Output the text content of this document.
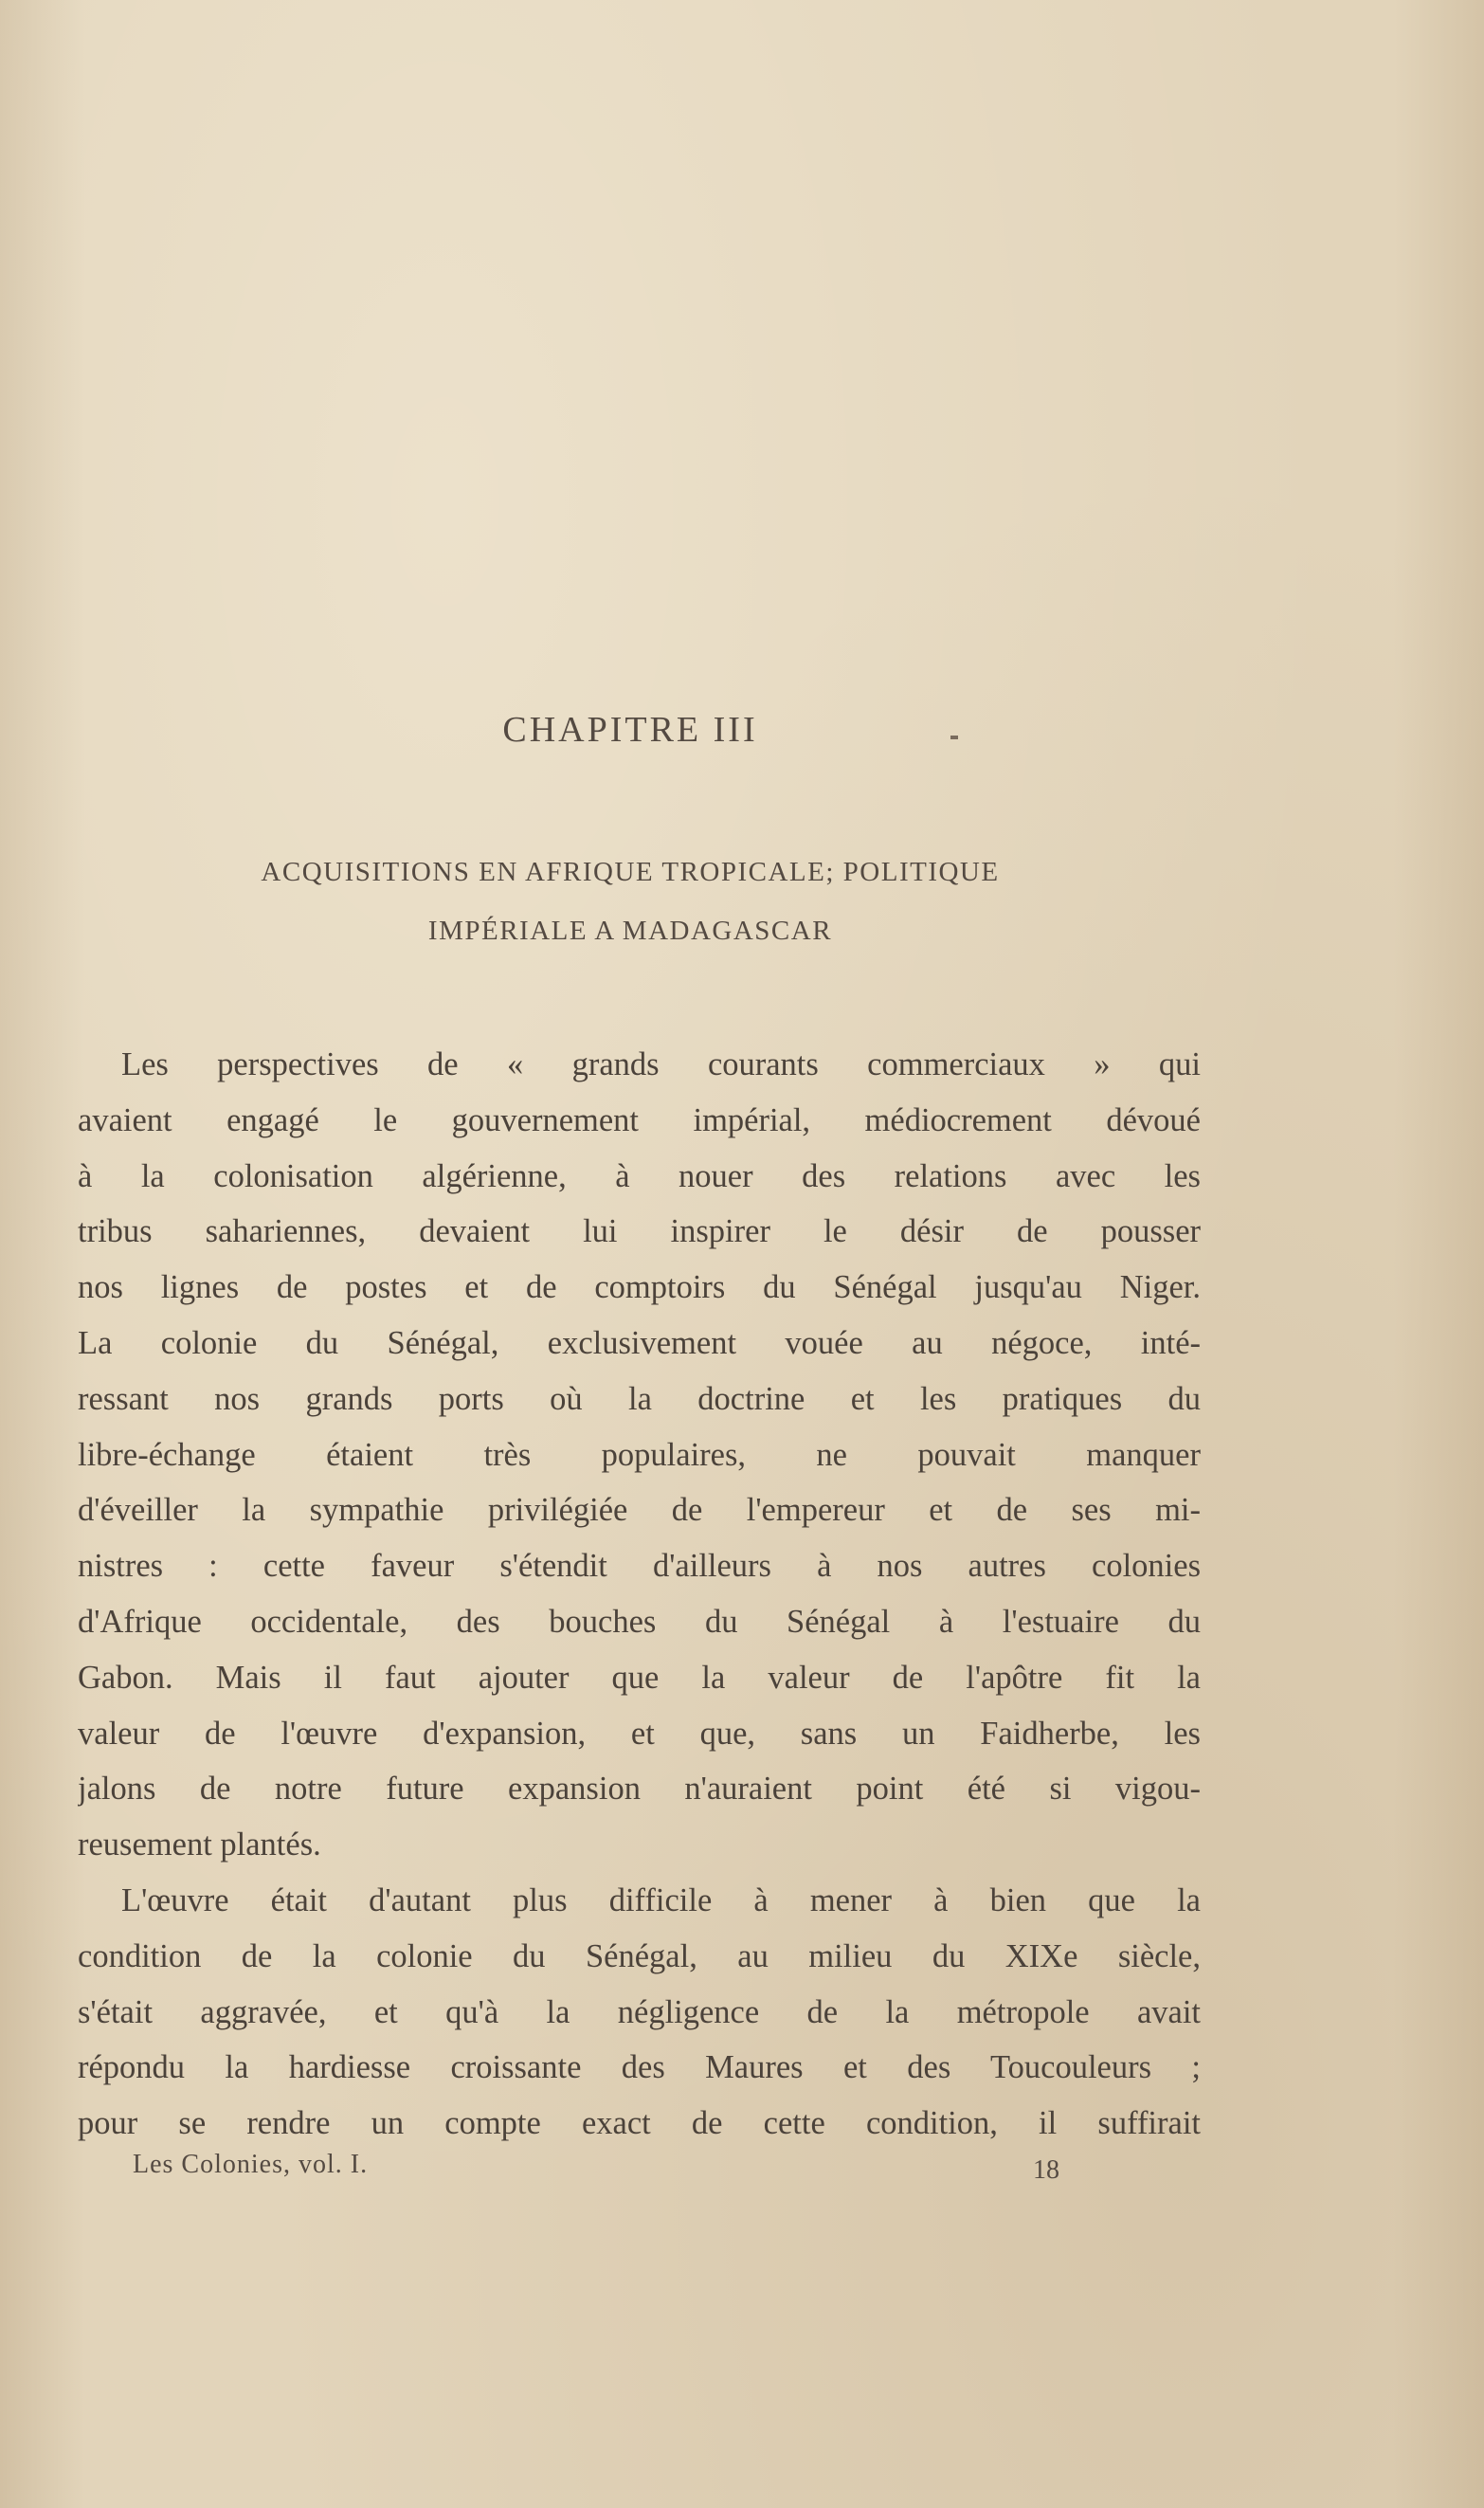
CHAPITRE III
ACQUISITIONS EN AFRIQUE TROPICALE; POLITIQUE
IMPÉRIALE A MADAGASCAR
Les perspectives de « grands courants commerciaux » qui
avaient engagé le gouvernement impérial, médiocrement dévoué
à la colonisation algérienne, à nouer des relations avec les
tribus sahariennes, devaient lui inspirer le désir de pousser
nos lignes de postes et de comptoirs du Sénégal jusqu'au Niger.
La colonie du Sénégal, exclusivement vouée au négoce, inté-
ressant nos grands ports où la doctrine et les pratiques du
libre-échange étaient très populaires, ne pouvait manquer
d'éveiller la sympathie privilégiée de l'empereur et de ses mi-
nistres : cette faveur s'étendit d'ailleurs à nos autres colonies
d'Afrique occidentale, des bouches du Sénégal à l'estuaire du
Gabon. Mais il faut ajouter que la valeur de l'apôtre fit la
valeur de l'œuvre d'expansion, et que, sans un Faidherbe, les
jalons de notre future expansion n'auraient point été si vigou-
reusement plantés.
L'œuvre était d'autant plus difficile à mener à bien que la
condition de la colonie du Sénégal, au milieu du XIXe siècle,
s'était aggravée, et qu'à la négligence de la métropole avait
répondu la hardiesse croissante des Maures et des Toucouleurs ;
pour se rendre un compte exact de cette condition, il suffirait
Les Colonies, vol. I.	18
